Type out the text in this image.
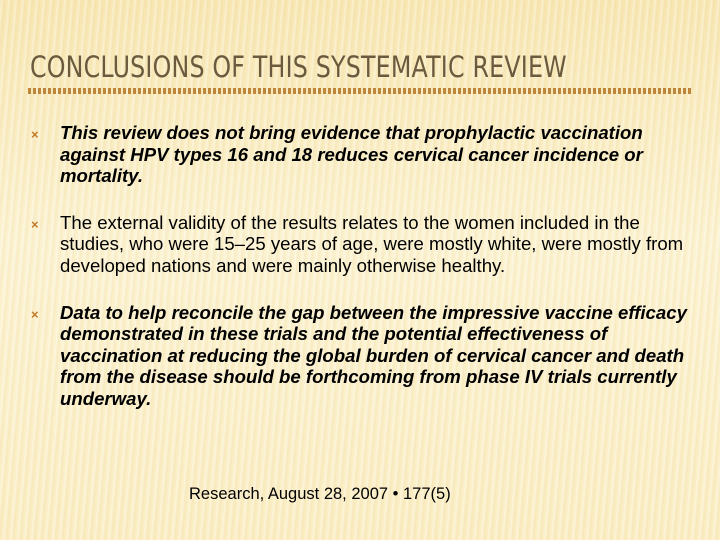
CONCLUSIONS OF THIS SYSTEMATIC REVIEW
× This review does not bring evidence that prophylactic vaccination against HPV types 16 and 18 reduces cervical cancer incidence or mortality.
× The external validity of the results relates to the women included in the studies, who were 15–25 years of age, were mostly white, were mostly from developed nations and were mainly otherwise healthy.
× Data to help reconcile the gap between the impressive vaccine efficacy demonstrated in these trials and the potential effectiveness of vaccination at reducing the global burden of cervical cancer and death from the disease should be forthcoming from phase IV trials currently underway.
Research, August 28, 2007 • 177(5)
